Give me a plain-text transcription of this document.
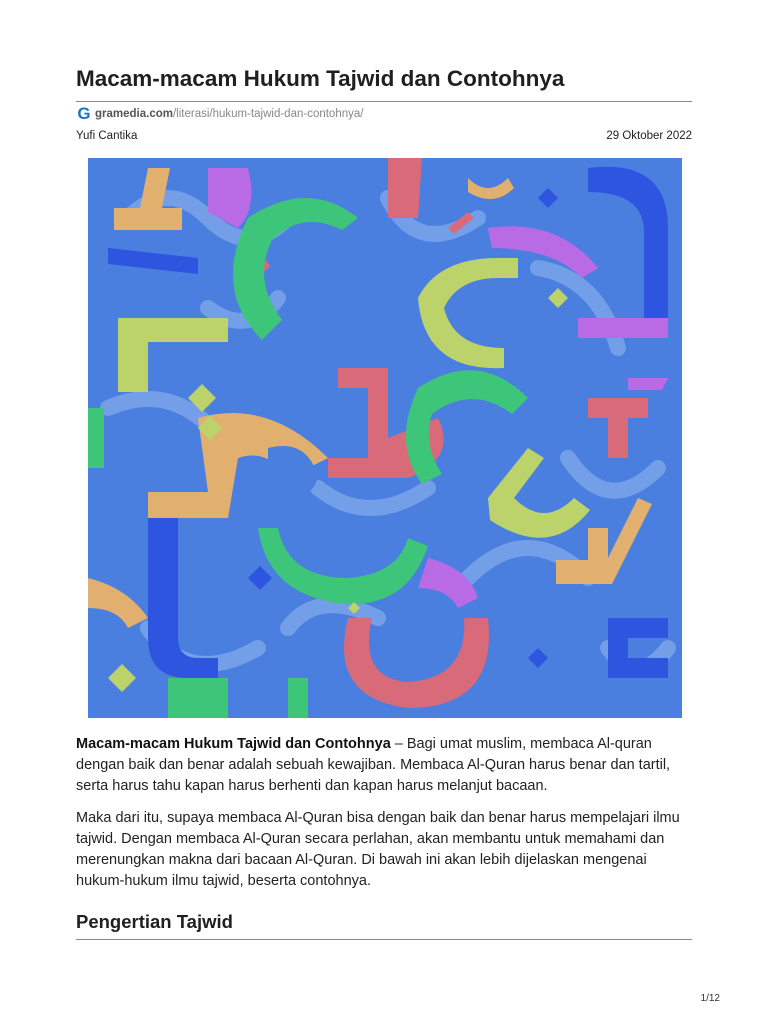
Macam-macam Hukum Tajwid dan Contohnya
G gramedia.com /literasi/hukum-tajwid-dan-contohnya/
Yufi Cantika	29 Oktober 2022

Macam-macam Hukum Tajwid dan Contohnya – Bagi umat muslim, membaca Al-quran dengan baik dan benar adalah sebuah kewajiban. Membaca Al-Quran harus benar dan tartil, serta harus tahu kapan harus berhenti dan kapan harus melanjut bacaan.

Maka dari itu, supaya membaca Al-Quran bisa dengan baik dan benar harus mempelajari ilmu tajwid. Dengan membaca Al-Quran secara perlahan, akan membantu untuk memahami dan merenungkan makna dari bacaan Al-Quran. Di bawah ini akan lebih dijelaskan mengenai hukum-hukum ilmu tajwid, beserta contohnya.

Pengertian Tajwid
1/12
